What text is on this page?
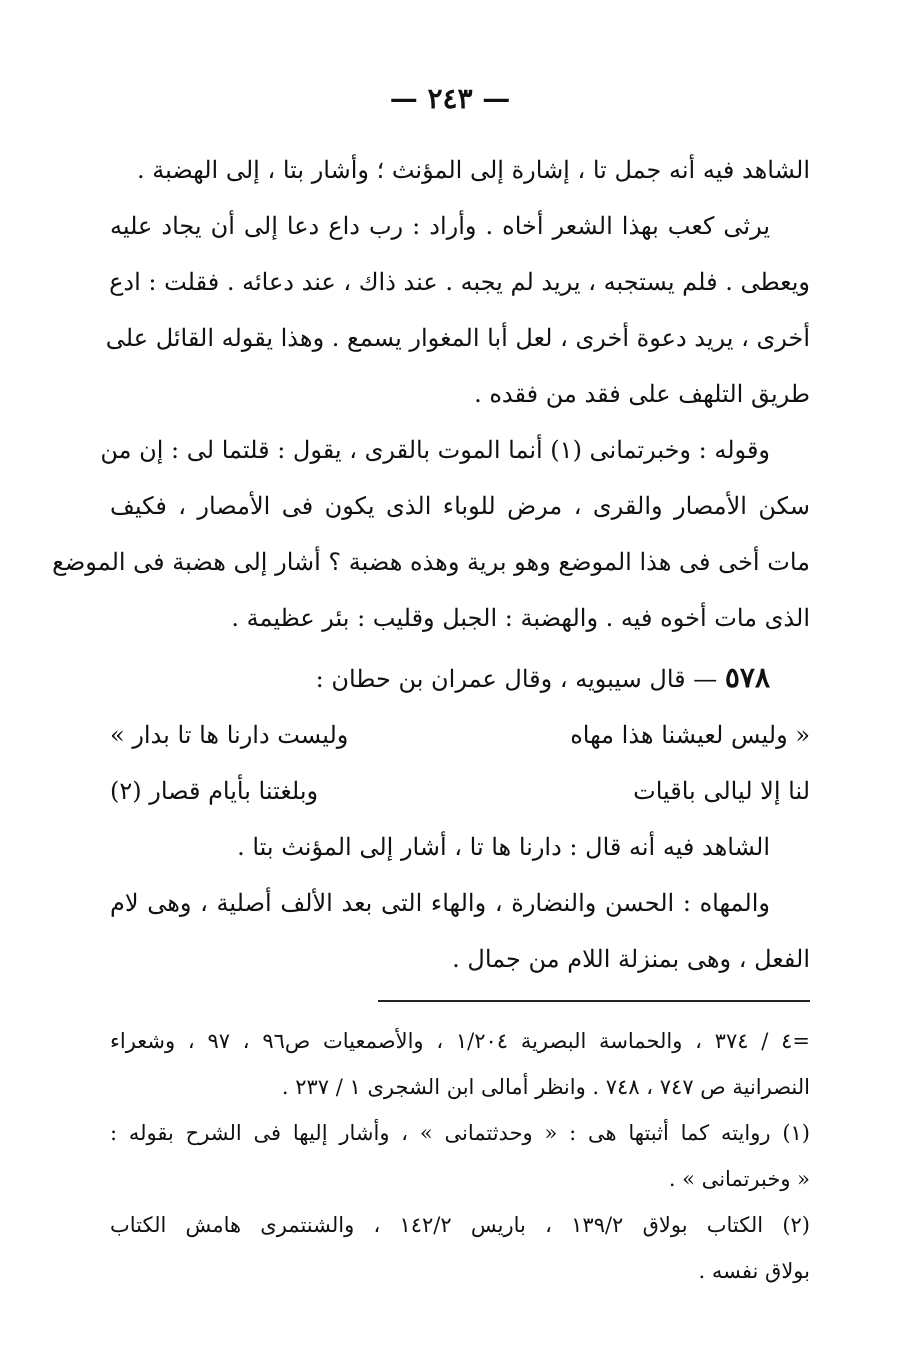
— ٢٤٣ —

الشاهد فيه أنه جمل تا ، إشارة إلى المؤنث ؛ وأشار بتا ، إلى الهضبة .

يرثى كعب بهذا الشعر أخاه . وأراد : رب داع دعا إلى أن يجاد عليه
ويعطى . فلم يستجبه ، يريد لم يجبه . عند ذاك ، عند دعائه . فقلت : ادع
أخرى ، يريد دعوة أخرى ، لعل أبا المغوار يسمع . وهذا يقوله القائل على
طريق التلهف على فقد من فقده .

وقوله : وخبرتمانى (١) أنما الموت بالقرى ، يقول : قلتما لى : إن من
سكن الأمصار والقرى ، مرض للوباء الذى يكون فى الأمصار ، فكيف
مات أخى فى هذا الموضع وهو برية وهذه هضبة ؟ أشار إلى هضبة فى الموضع
الذى مات أخوه فيه . والهضبة : الجبل وقليب : بئر عظيمة .

٥٧٨ — قال سيبويه ، وقال عمران بن حطان :

« وليس لعيشنا هذا مهاه
وليست دارنا ها تا بدار »
لنا إلا ليالى باقيات
وبلغتنا بأيام قصار (٢)

الشاهد فيه أنه قال : دارنا ها تا ، أشار إلى المؤنث بتا .

والمهاه : الحسن والنضارة ، والهاء التى بعد الألف أصلية ، وهى لام
الفعل ، وهى بمنزلة اللام من جمال .

=٤ / ٣٧٤ ، والحماسة البصرية ١/٢٠٤ ، والأصمعيات ص٩٦ ، ٩٧ ، وشعراء
النصرانية ص ٧٤٧ ، ٧٤٨ . وانظر أمالى ابن الشجرى ١ / ٢٣٧ .

(١) روايته كما أثبتها هى : « وحدثتمانى » ، وأشار إليها فى الشرح بقوله :
« وخبرتمانى » .

(٢) الكتاب بولاق ١٣٩/٢ ، باريس ١٤٢/٢ ، والشنتمرى هامش الكتاب
بولاق نفسه .
